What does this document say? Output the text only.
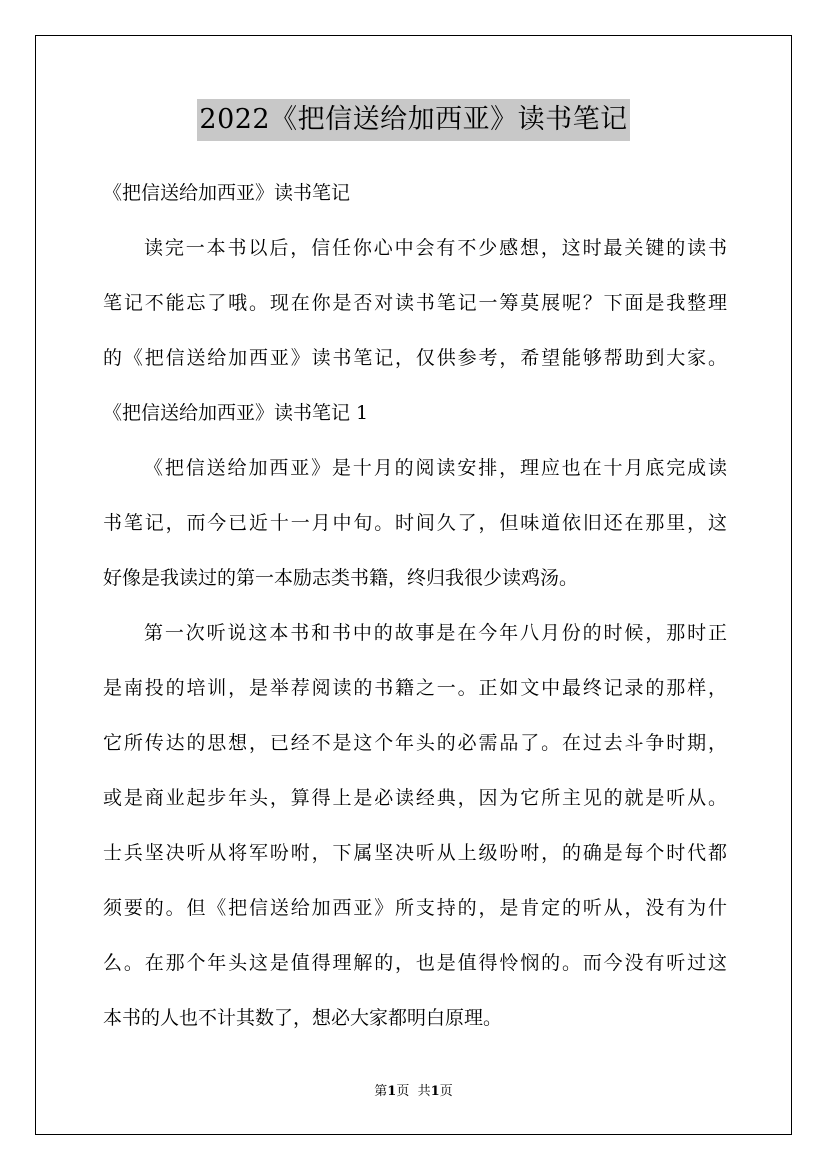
2022《把信送给加西亚》读书笔记
《把信送给加西亚》读书笔记
读完一本书以后，信任你心中会有不少感想，这时最关键的读书
笔记不能忘了哦。现在你是否对读书笔记一筹莫展呢？下面是我整理
的《把信送给加西亚》读书笔记，仅供参考，希望能够帮助到大家。
《把信送给加西亚》读书笔记 1
《把信送给加西亚》是十月的阅读安排，理应也在十月底完成读
书笔记，而今已近十一月中旬。时间久了，但味道依旧还在那里，这
好像是我读过的第一本励志类书籍，终归我很少读鸡汤。
第一次听说这本书和书中的故事是在今年八月份的时候，那时正
是南投的培训，是举荐阅读的书籍之一。正如文中最终记录的那样，
它所传达的思想，已经不是这个年头的必需品了。在过去斗争时期，
或是商业起步年头，算得上是必读经典，因为它所主见的就是听从。
士兵坚决听从将军吩咐，下属坚决听从上级吩咐，的确是每个时代都
须要的。但《把信送给加西亚》所支持的，是肯定的听从，没有为什
么。在那个年头这是值得理解的，也是值得怜悯的。而今没有听过这
本书的人也不计其数了，想必大家都明白原理。
第1页 共1页
